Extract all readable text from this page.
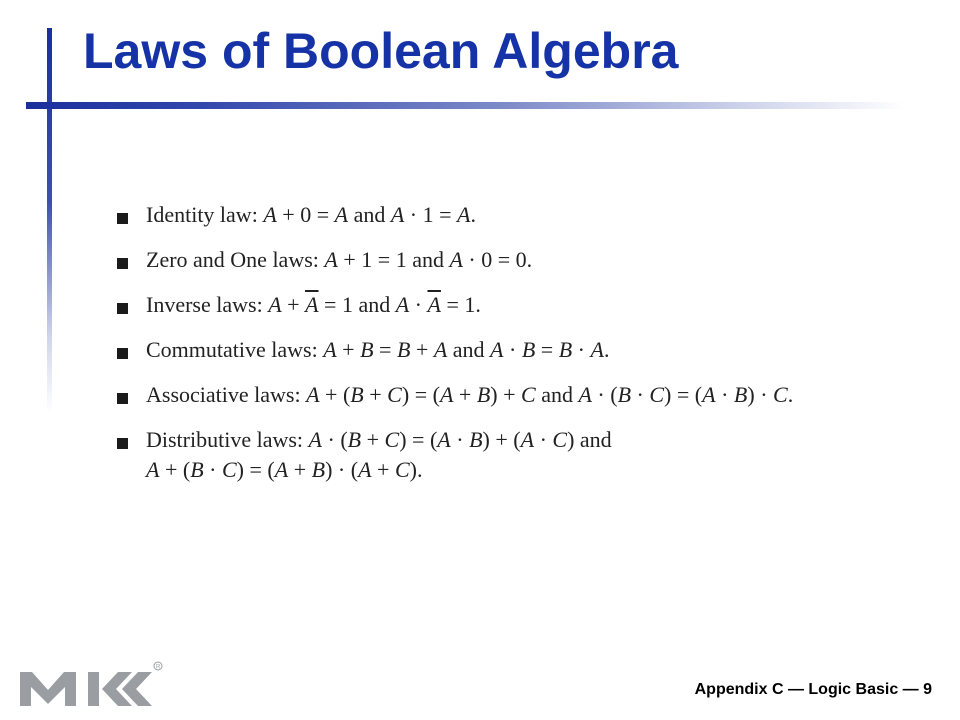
Laws of Boolean Algebra
Identity law: A + 0 = A and A · 1 = A.
Zero and One laws: A + 1 = 1 and A · 0 = 0.
Inverse laws: $A + \overline{A} = 1$ and $A \cdot \overline{A} = 1$.
Commutative laws: A + B = B + A and A · B = B · A.
Associative laws: A + (B + C) = (A + B) + C and A · (B · C) = (A · B) · C.
Distributive laws: A · (B + C) = (A · B) + (A · C) and
A + (B · C) = (A + B) · (A + C).
R
Appendix C — Logic Basic — 9
